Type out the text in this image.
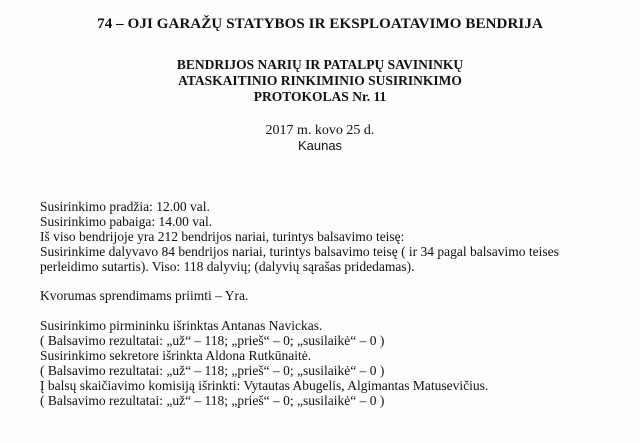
74 – OJI GARAŽŲ STATYBOS IR EKSPLOATAVIMO BENDRIJA
BENDRIJOS NARIŲ IR PATALPŲ SAVININKŲ
ATASKAITINIO RINKIMINIO SUSIRINKIMO
PROTOKOLAS Nr. 11
2017 m. kovo 25 d.
Kaunas
Susirinkimo pradžia: 12.00 val.
Susirinkimo pabaiga: 14.00 val.
Iš viso bendrijoje yra 212 bendrijos nariai, turintys balsavimo teisę:
Susirinkime dalyvavo 84 bendrijos nariai, turintys balsavimo teisę ( ir 34 pagal balsavimo teises
perleidimo sutartis). Viso: 118 dalyvių; (dalyvių sąrašas pridedamas).
Kvorumas sprendimams priimti – Yra.
Susirinkimo pirmininku išrinktas Antanas Navickas.
( Balsavimo rezultatai: „už“ – 118; „prieš“ – 0; „susilaikė“ – 0 )
Susirinkimo sekretore išrinkta Aldona Rutkūnaitė.
( Balsavimo rezultatai: „už“ – 118; „prieš“ – 0; „susilaikė“ – 0 )
Į balsų skaičiavimo komisiją išrinkti: Vytautas Abugelis, Algimantas Matusevičius.
( Balsavimo rezultatai: „už“ – 118; „prieš“ – 0; „susilaikė“ – 0 )
